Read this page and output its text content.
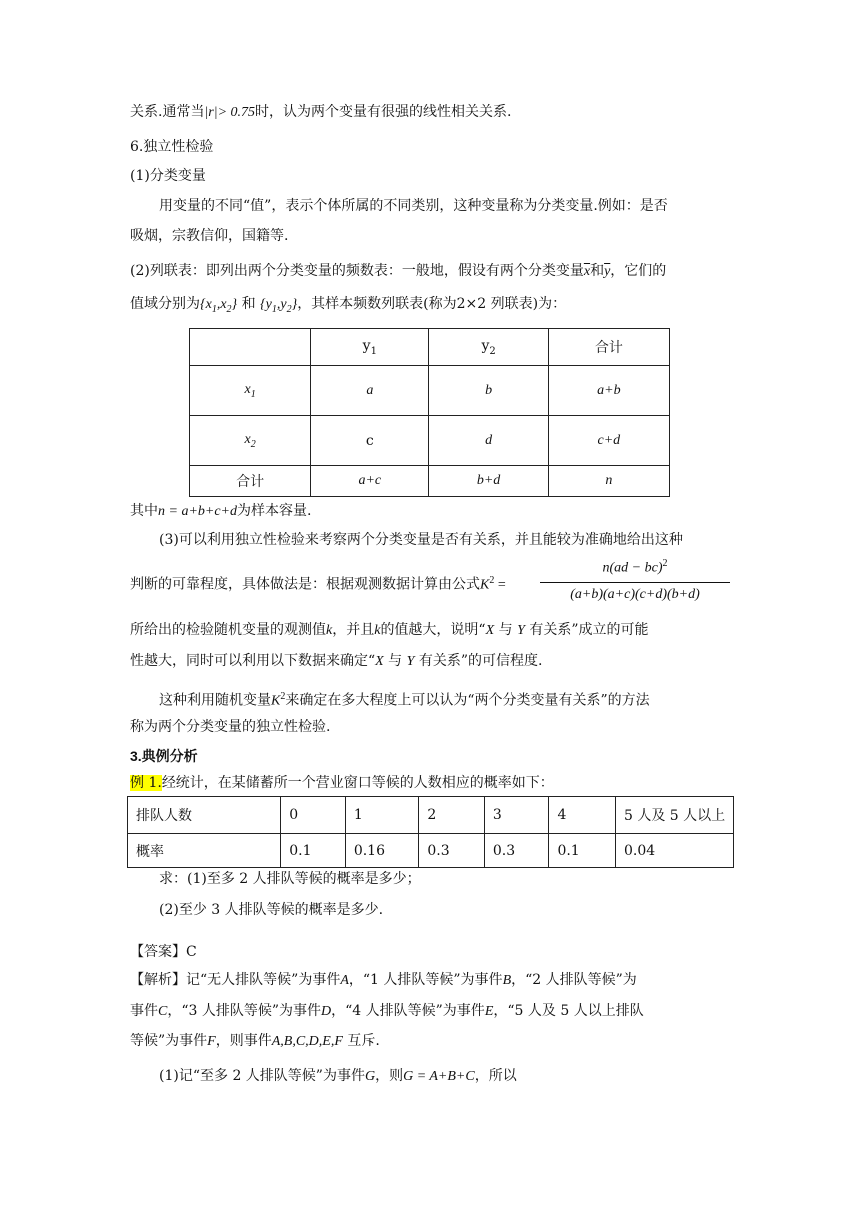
关系.通常当|r|> 0.75时，认为两个变量有很强的线性相关关系.
6.独立性检验
(1)分类变量
用变量的不同“值”，表示个体所属的不同类别，这种变量称为分类变量.例如：是否
吸烟，宗教信仰，国籍等.
(2)列联表：即列出两个分类变量的频数表：一般地，假设有两个分类变量$\overline{x}$和$\overline{y}$，它们的
值域分别为$\{x_1,x_2\}$ 和 $\{y_1,y_2\}$，其样本频数列联表(称为2×2 列联表)为：
	$y_1$	$y_2$	合计
$x_1$	a	b	a+b
$x_2$	c	d	c+d
合计	a+c	b+d	n
其中n = a+b+c+d为样本容量.
(3)可以利用独立性检验来考察两个分类变量是否有关系，并且能较为准确地给出这种
判断的可靠程度，具体做法是：根据观测数据计算由公式$K^2$ =
n(ad − bc)$^2$
(a+b)(a+c)(c+d)(b+d)
所给出的检验随机变量的观测值k，并且k的值越大，说明“X 与 Y 有关系”成立的可能
性越大，同时可以利用以下数据来确定“X 与 Y 有关系”的可信程度.
这种利用随机变量$K^2$来确定在多大程度上可以认为“两个分类变量有关系”的方法
称为两个分类变量的独立性检验.
3.典例分析
例 1.经统计，在某储蓄所一个营业窗口等候的人数相应的概率如下：
排队人数	0	1	2	3	4	5 人及 5 人以上
概率	0.1	0.16	0.3	0.3	0.1	0.04
求：(1)至多 2 人排队等候的概率是多少；
(2)至少 3 人排队等候的概率是多少.
【答案】C
【解析】记“无人排队等候”为事件A，“1 人排队等候”为事件B，“2 人排队等候”为
事件C，“3 人排队等候”为事件D，“4 人排队等候”为事件E，“5 人及 5 人以上排队
等候”为事件F，则事件A,B,C,D,E,F 互斥.
(1)记“至多 2 人排队等候”为事件G，则G = A+B+C，所以
